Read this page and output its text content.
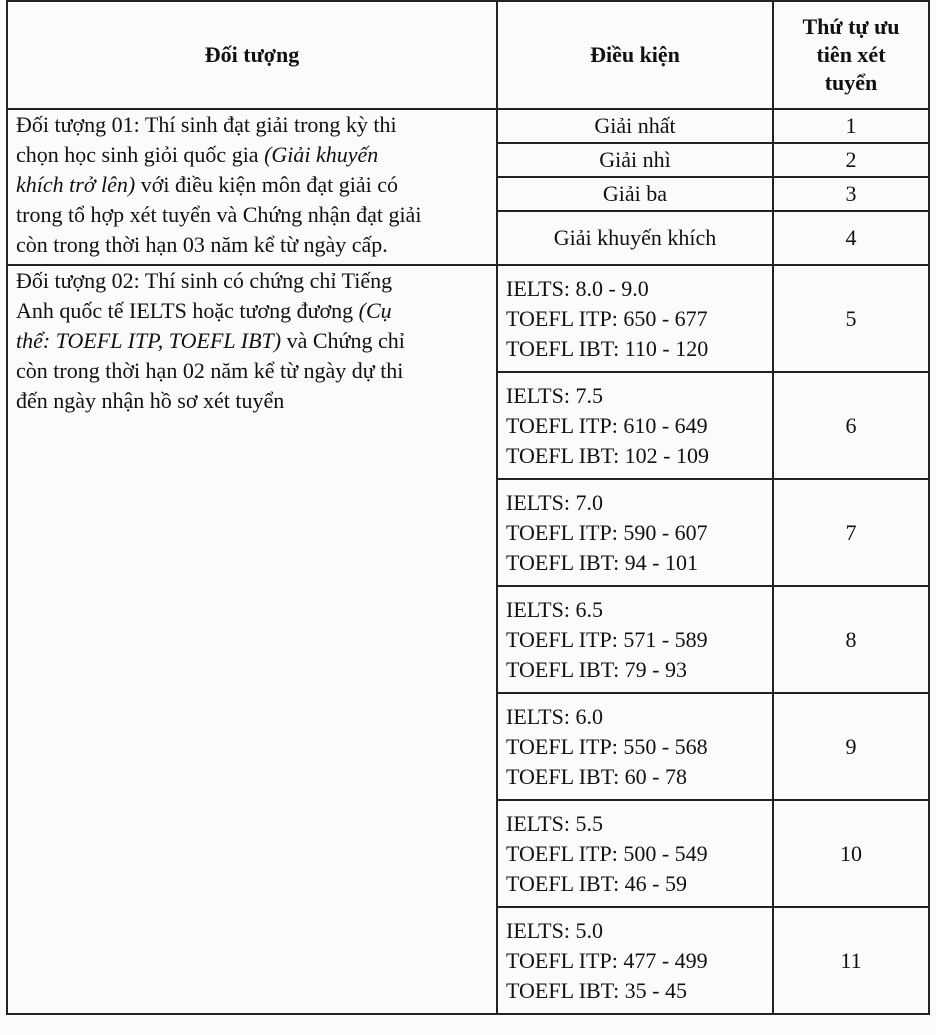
Đối tượng	Điều kiện	Thứ tự ưu
tiên xét
tuyển

Đối tượng 01: Thí sinh đạt giải trong kỳ thi
chọn học sinh giỏi quốc gia (Giải khuyến
khích trở lên) với điều kiện môn đạt giải có
trong tổ hợp xét tuyển và Chứng nhận đạt giải
còn trong thời hạn 03 năm kể từ ngày cấp.	Giải nhất	1
	Giải nhì	2
	Giải ba	3
	Giải khuyến khích	4

Đối tượng 02: Thí sinh có chứng chỉ Tiếng
Anh quốc tế IELTS hoặc tương đương (Cụ
thể: TOEFL ITP, TOEFL IBT) và Chứng chỉ
còn trong thời hạn 02 năm kể từ ngày dự thi
đến ngày nhận hồ sơ xét tuyển	IELTS: 8.0 - 9.0
TOEFL ITP: 650 - 677
TOEFL IBT: 110 - 120	5

	IELTS: 7.5
TOEFL ITP: 610 - 649
TOEFL IBT: 102 - 109	6

	IELTS: 7.0
TOEFL ITP: 590 - 607
TOEFL IBT: 94 - 101	7

	IELTS: 6.5
TOEFL ITP: 571 - 589
TOEFL IBT: 79 - 93	8

	IELTS: 6.0
TOEFL ITP: 550 - 568
TOEFL IBT: 60 - 78	9

	IELTS: 5.5
TOEFL ITP: 500 - 549
TOEFL IBT: 46 - 59	10

	IELTS: 5.0
TOEFL ITP: 477 - 499
TOEFL IBT: 35 - 45	11
